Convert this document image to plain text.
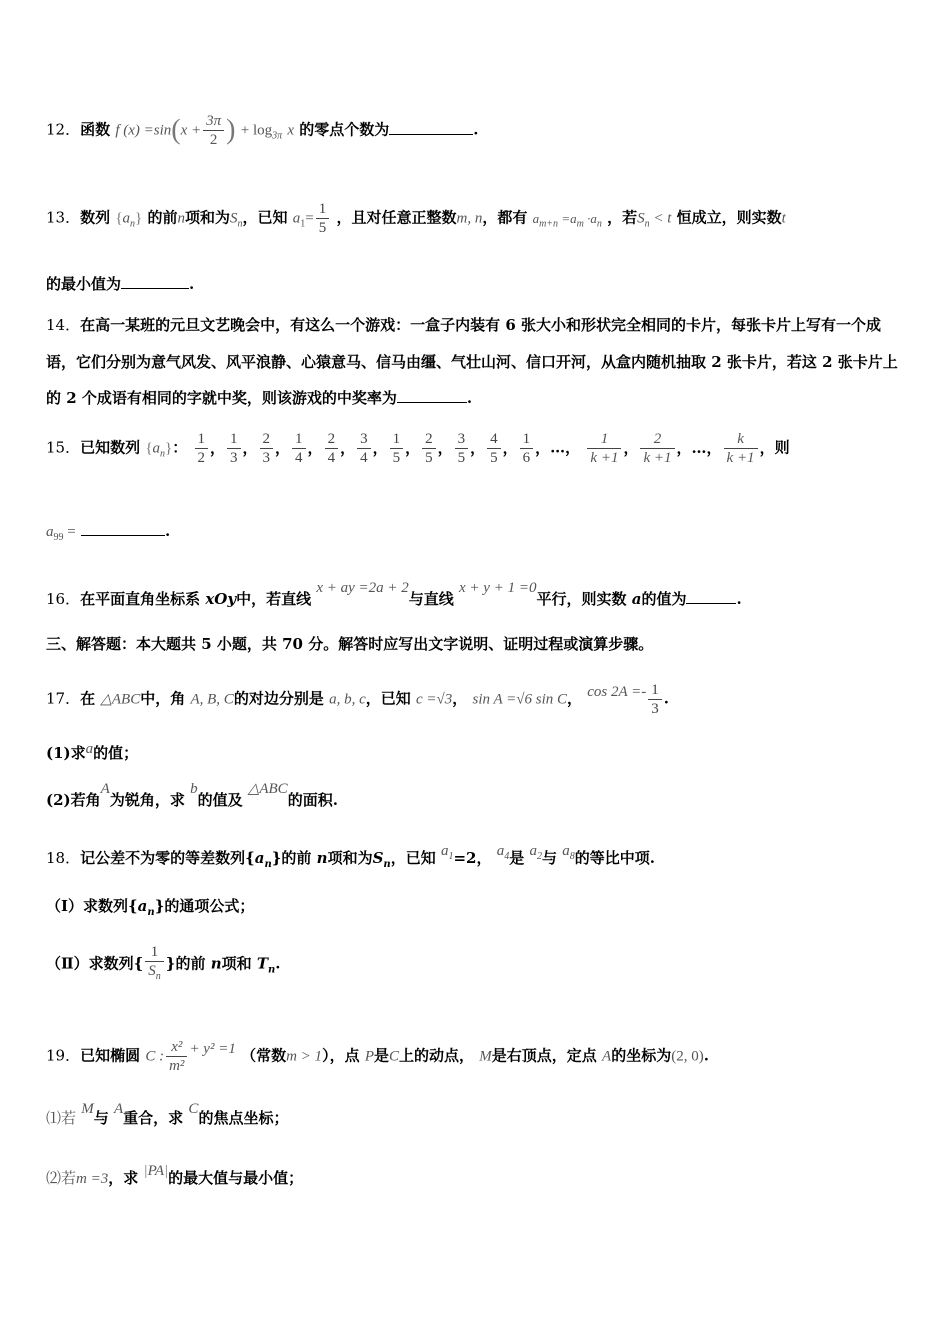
12．函数 f $(x) =\sin(x + \frac{3\pi}{2}$ ) + $\log_{3\pi} x$ 的零点个数为	.
13．数列 $\{a_n\}$ 的前n项和为$S_n$，已知 $a_1= \frac{1}{5}$ ，且对任意正整数m, n，都有 $a_{m+n} =a_m \cdot a_n$ ，若$S_n < t$ 恒成立，则实数t
的最小值为	.
14．在高一某班的元旦文艺晚会中，有这么一个游戏：一盒子内装有 6 张大小和形状完全相同的卡片，每张卡片上写有一个成语，它们分别为意气风发、风平浪静、心猿意马、信马由缰、气壮山河、信口开河，从盒内随机抽取 2 张卡片，若这 2 张卡片上的 2 个成语有相同的字就中奖，则该游戏的中奖率为	.
15．已知数列 $\{a_n\}$： $\frac{1}{2}$ ， $\frac{1}{3}$ ， $\frac{2}{3}$ ， $\frac{1}{4}$ ， $\frac{2}{4}$ ， $\frac{3}{4}$ ， $\frac{1}{5}$ ， $\frac{2}{5}$ ， $\frac{3}{5}$ ， $\frac{4}{5}$ ， $\frac{1}{6}$ ，…， $\frac{1}{k +1}$ ， $\frac{2}{k +1}$ ，…， $\frac{k}{k +1}$ ，则
$a_{99}$ =	.
16．在平面直角坐标系 xOy中，若直线 x + ay =2a + 2与直线 x + y + 1 =0平行，则实数 a的值为	.
三、解答题：本大题共 5 小题，共 70 分。解答时应写出文字说明、证明过程或演算步骤。
17．在 △ABC中，角 A, B, C的对边分别是 a, b, c，已知 c =√3， sin A =√6 sin C， $\cos 2A =- \frac{1}{3}$ .
(1)求a的值；
(2)若角A为锐角，求 b的值及 △ABC的面积.
18．记公差不为零的等差数列$\{a_n\}$的前 n项和为$S_n$，已知 $a_1=2$， $a_4$是 $a_2$与 $a_8$的等比中项.
（Ⅰ）求数列$\{a_n\}$的通项公式；
（Ⅱ）求数列{ $\frac{1}{S_n}$ }的前 n项和 $T_n$.
19．已知椭圆 C : $\frac{\text{x²}}{\text{m²}} + y^2 =1$ （常数m > 1），点 P是C上的动点， M是右顶点，定点 A的坐标为(2, 0).
⑴若 M与 A重合，求 C的焦点坐标；
⑵若m =3，求 |PA|的最大值与最小值；
